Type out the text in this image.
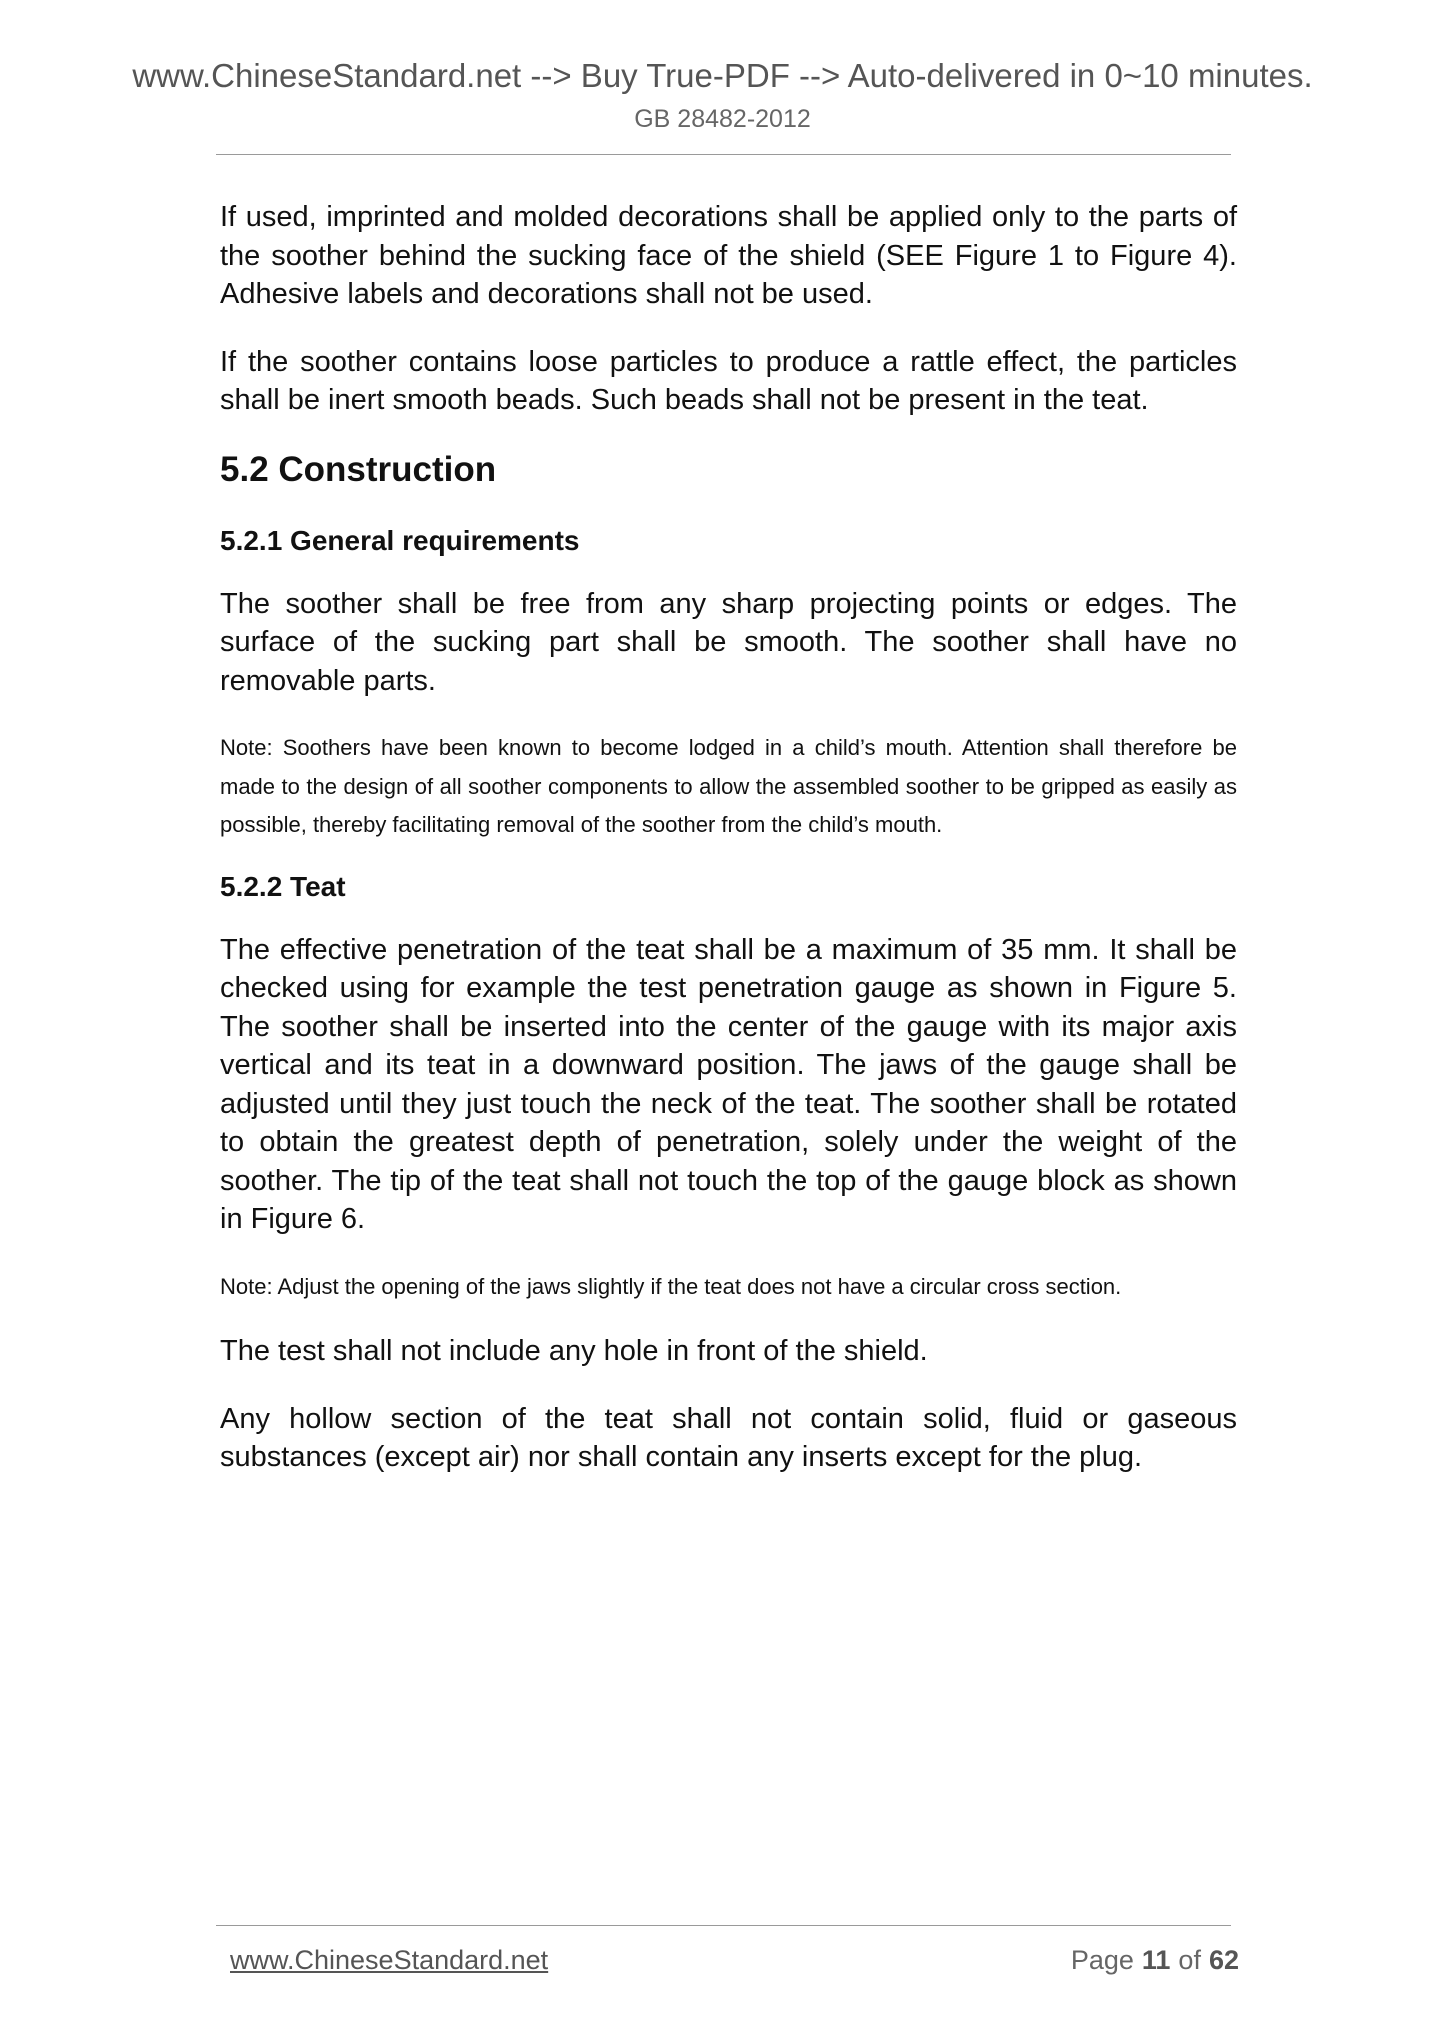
www.ChineseStandard.net --> Buy True-PDF --> Auto-delivered in 0~10 minutes.
GB 28482-2012

If used, imprinted and molded decorations shall be applied only to the parts of the soother behind the sucking face of the shield (SEE Figure 1 to Figure 4). Adhesive labels and decorations shall not be used.

If the soother contains loose particles to produce a rattle effect, the particles shall be inert smooth beads. Such beads shall not be present in the teat.

5.2 Construction
5.2.1 General requirements

The soother shall be free from any sharp projecting points or edges. The surface of the sucking part shall be smooth. The soother shall have no removable parts.

Note: Soothers have been known to become lodged in a child’s mouth. Attention shall therefore be made to the design of all soother components to allow the assembled soother to be gripped as easily as possible, thereby facilitating removal of the soother from the child’s mouth.

5.2.2 Teat

The effective penetration of the teat shall be a maximum of 35 mm. It shall be checked using for example the test penetration gauge as shown in Figure 5. The soother shall be inserted into the center of the gauge with its major axis vertical and its teat in a downward position. The jaws of the gauge shall be adjusted until they just touch the neck of the teat. The soother shall be rotated to obtain the greatest depth of penetration, solely under the weight of the soother. The tip of the teat shall not touch the top of the gauge block as shown in Figure 6.

Note: Adjust the opening of the jaws slightly if the teat does not have a circular cross section.

The test shall not include any hole in front of the shield.

Any hollow section of the teat shall not contain solid, fluid or gaseous substances (except air) nor shall contain any inserts except for the plug.

www.ChineseStandard.net	Page 11 of 62
